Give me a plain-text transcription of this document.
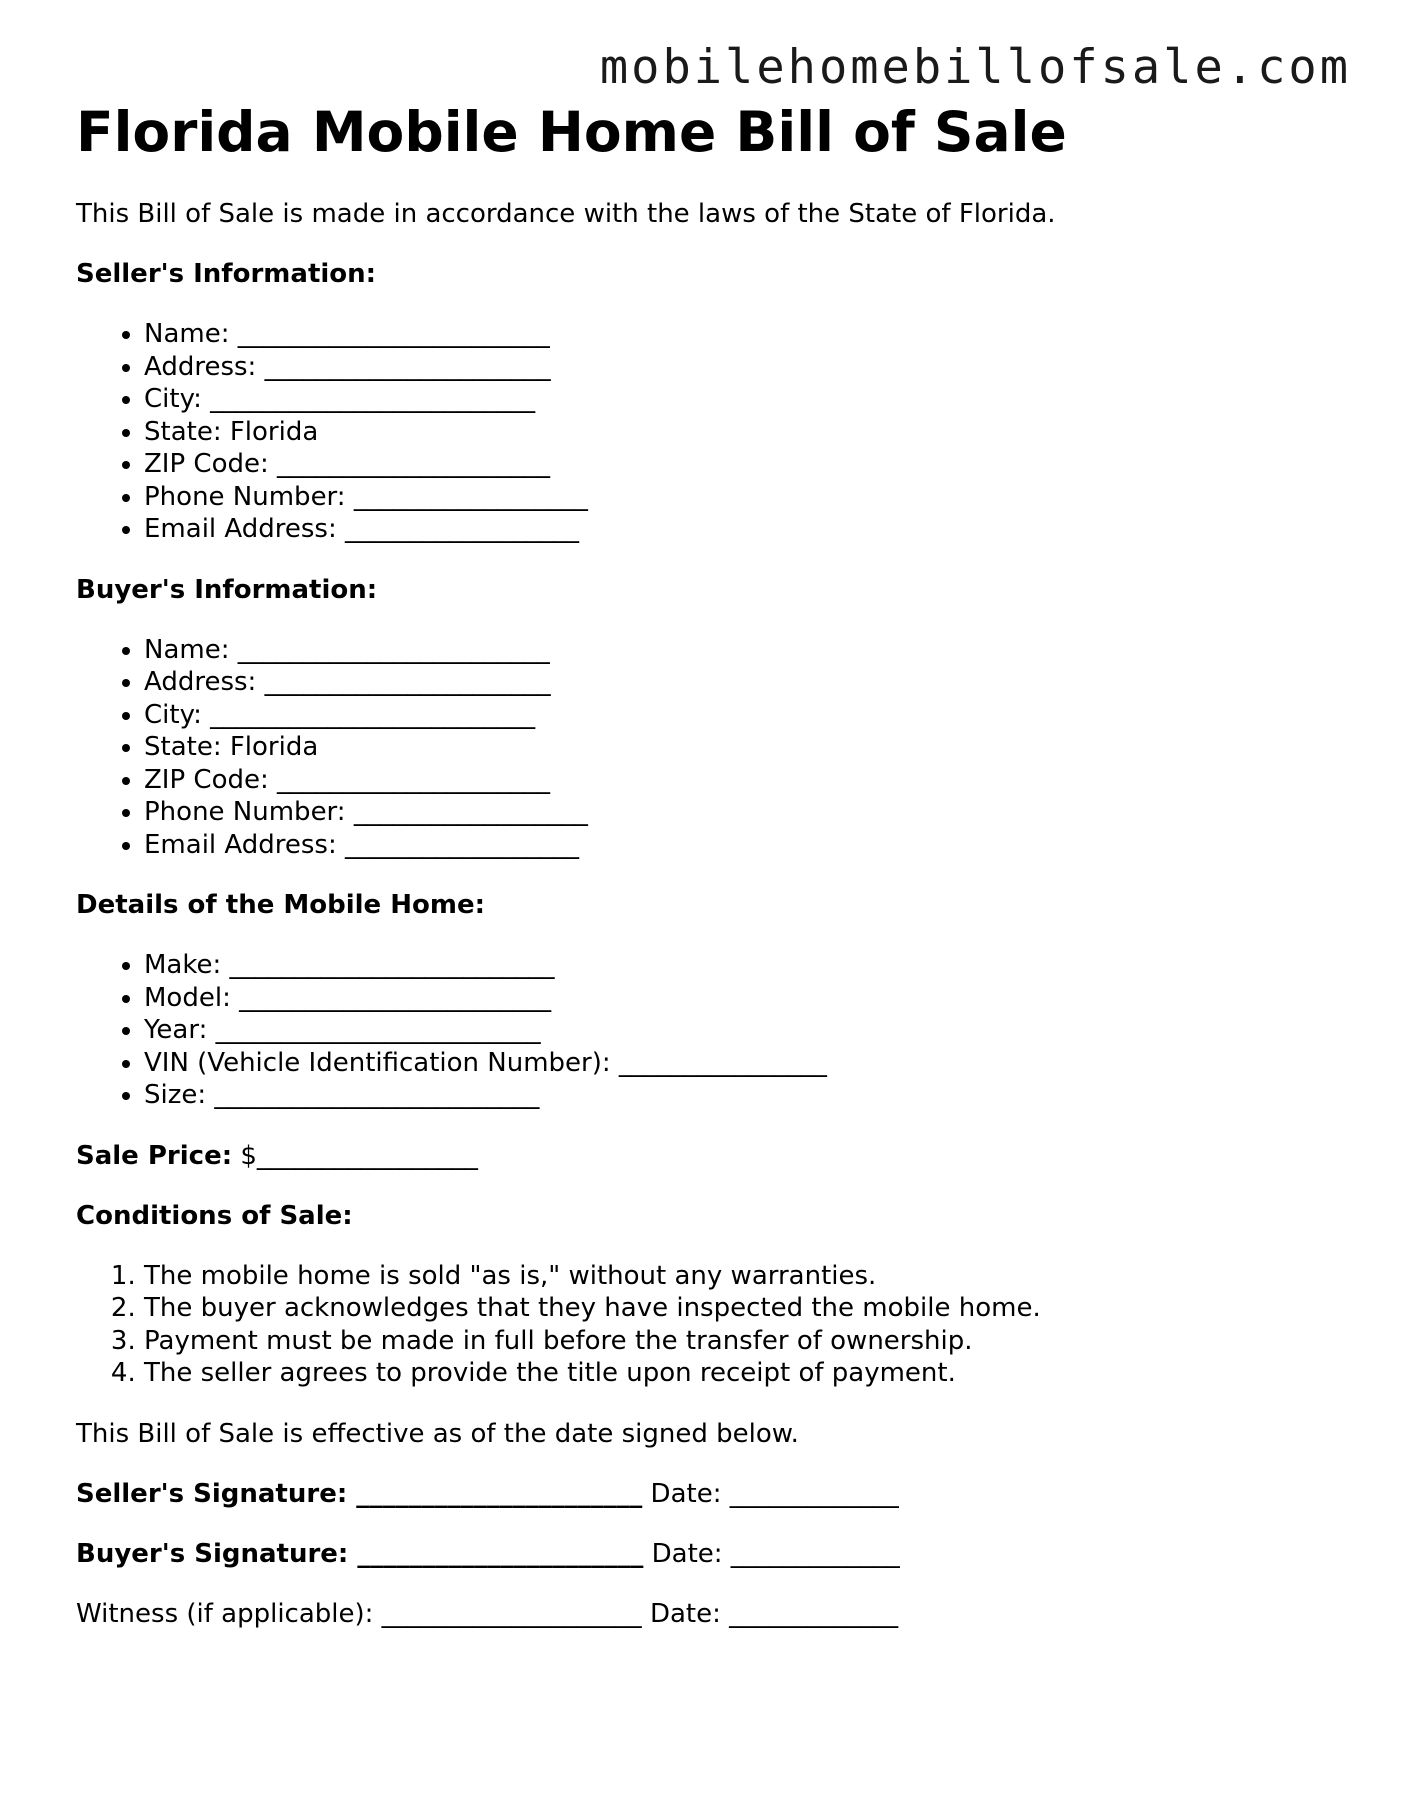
mobilehomebillofsale.com
Florida Mobile Home Bill of Sale

This Bill of Sale is made in accordance with the laws of the State of Florida.

Seller's Information:

• Name: ________________________
• Address: ______________________
• City: _________________________
• State: Florida
• ZIP Code: _____________________
• Phone Number: __________________
• Email Address: __________________

Buyer's Information:

• Name: ________________________
• Address: ______________________
• City: _________________________
• State: Florida
• ZIP Code: _____________________
• Phone Number: __________________
• Email Address: __________________

Details of the Mobile Home:

• Make: _________________________
• Model: ________________________
• Year: _________________________
• VIN (Vehicle Identification Number): ________________
• Size: _________________________

Sale Price: $_________________

Conditions of Sale:

1. The mobile home is sold "as is," without any warranties.
2. The buyer acknowledges that they have inspected the mobile home.
3. Payment must be made in full before the transfer of ownership.
4. The seller agrees to provide the title upon receipt of payment.

This Bill of Sale is effective as of the date signed below.

Seller's Signature: ______________________ Date: _____________

Buyer's Signature: ______________________ Date: _____________

Witness (if applicable): ____________________ Date: _____________
